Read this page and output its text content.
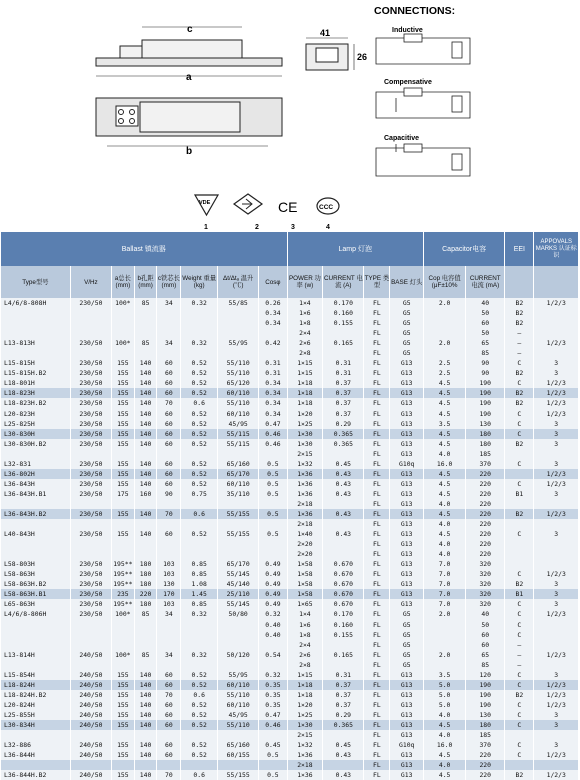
c
a
b
41
26
CONNECTIONS:
Inductive
Compensative
Capacitive
VDE	CE	CCC
1	2	3	4
Ballast 镇流器								Lamp 灯泡				Capacitor电容		EEI	APPOVALS MARKS 认证标识
Type型号	V/Hz	a总长 (mm)	b孔距 (mm)	c铁芯长 (mm)	Weight 重量 (kg)	Δt/Δtₐ 温升 (℃)	Cosφ	POWER 功率 (w)	CURRENT 电流 (A)	TYPE 类型	BASE 灯头	Cop 电容值 (μF±10%	CURRENT 电流 (mA)		
L4/6/8-808H	230/50	100*	85	34	0.32	55/85	0.26	1×4	0.170	FL	G5	2.0	40	B2	1/2/3
							0.34	1×6	0.160	FL	G5		50	B2	
							0.34	1×8	0.155	FL	G5		60	B2	
								2×4		FL	G5		50	–	
L13-813H	230/50	100*	85	34	0.32	55/95	0.42	2×6	0.165	FL	G5	2.0	65	–	1/2/3
								2×8		FL	G5		85	–	
L15-815H	230/50	155	140	60	0.52	55/110	0.31	1×15	0.31	FL	G13	2.5	90	C	3
L15-815H.B2	230/50	155	140	60	0.52	55/110	0.31	1×15	0.31	FL	G13	2.5	90	B2	3
L18-801H	230/50	155	140	60	0.52	65/120	0.34	1×18	0.37	FL	G13	4.5	190	C	1/2/3
L18-823H	230/50	155	140	60	0.52	60/110	0.34	1×18	0.37	FL	G13	4.5	190	B2	1/2/3
L18-823H.B2	230/50	155	140	70	0.6	55/110	0.34	1×18	0.37	FL	G13	4.5	190	B2	1/2/3
L20-823H	230/50	155	140	60	0.52	60/110	0.34	1×20	0.37	FL	G13	4.5	190	C	1/2/3
L25-825H	230/50	155	140	60	0.52	45/95	0.47	1×25	0.29	FL	G13	3.5	130	C	3
L30-830H	230/50	155	140	60	0.52	55/115	0.46	1×30	0.365	FL	G13	4.5	180	C	3
L30-830H.B2	230/50	155	140	60	0.52	55/115	0.46	1×30	0.365	FL	G13	4.5	180	B2	3
								2×15		FL	G13	4.0	185		
L32-831	230/50	155	140	60	0.52	65/160	0.5	1×32	0.45	FL	G10q	16.0	370	C	3
L36-802H	230/50	155	140	60	0.52	65/170	0.5	1×36	0.43	FL	G13	4.5	220		1/2/3
L36-843H	230/50	155	140	60	0.52	60/110	0.5	1×36	0.43	FL	G13	4.5	220	C	1/2/3
L36-843H.B1	230/50	175	160	90	0.75	35/110	0.5	1×36	0.43	FL	G13	4.5	220	B1	3
								2×18		FL	G13	4.0	220		
L36-843H.B2	230/50	155	140	70	0.6	55/155	0.5	1×36	0.43	FL	G13	4.5	220	B2	1/2/3
								2×18		FL	G13	4.0	220		
L40-843H	230/50	155	140	60	0.52	55/155	0.5	1×40	0.43	FL	G13	4.5	220	C	3
								2×20		FL	G13	4.0	220		
								2×20		FL	G13	4.0	220		
L58-803H	230/50	195**	180	103	0.85	65/170	0.49	1×58	0.670	FL	G13	7.0	320		
L58-863H	230/50	195**	180	103	0.85	55/145	0.49	1×58	0.670	FL	G13	7.0	320	C	1/2/3
L58-863H.B2	230/50	195**	180	130	1.08	45/140	0.49	1×58	0.670	FL	G13	7.0	320	B2	3
L58-863H.B1	230/50	235	220	170	1.45	25/110	0.49	1×58	0.670	FL	G13	7.0	320	B1	3
L65-863H	230/50	195**	180	103	0.85	55/145	0.49	1×65	0.670	FL	G13	7.0	320	C	3
L4/6/8-806H	230/50	100*	85	34	0.32	50/80	0.32	1×4	0.170	FL	G5	2.0	40	C	1/2/3
							0.40	1×6	0.160	FL	G5		50	C	
							0.40	1×8	0.155	FL	G5		60	C	
								2×4		FL	G5		60	–	
L13-814H	240/50	100*	85	34	0.32	50/120	0.54	2×6	0.165	FL	G5	2.0	65	–	1/2/3
								2×8		FL	G5		85	–	
L15-854H	240/50	155	140	60	0.52	55/95	0.32	1×15	0.31	FL	G13	3.5	120	C	3
L18-824H	240/50	155	140	60	0.52	60/110	0.35	1×18	0.37	FL	G13	5.0	190	C	1/2/3
L18-824H.B2	240/50	155	140	70	0.6	55/110	0.35	1×18	0.37	FL	G13	5.0	190	B2	1/2/3
L20-824H	240/50	155	140	60	0.52	60/110	0.35	1×20	0.37	FL	G13	5.0	190	C	1/2/3
L25-855H	240/50	155	140	60	0.52	45/95	0.47	1×25	0.29	FL	G13	4.0	130	C	3
L30-834H	240/50	155	140	60	0.52	55/110	0.46	1×30	0.365	FL	G13	4.5	180	C	3
								2×15		FL	G13	4.0	185		
L32-886	240/50	155	140	60	0.52	65/160	0.45	1×32	0.45	FL	G10q	16.0	370	C	3
L36-844H	240/50	155	140	60	0.52	60/155	0.5	1×36	0.43	FL	G13	4.5	220	C	1/2/3
								2×18		FL	G13	4.0	220		
L36-844H.B2	240/50	155	140	70	0.6	55/155	0.5	1×36	0.43	FL	G13	4.5	220	B2	1/2/3
